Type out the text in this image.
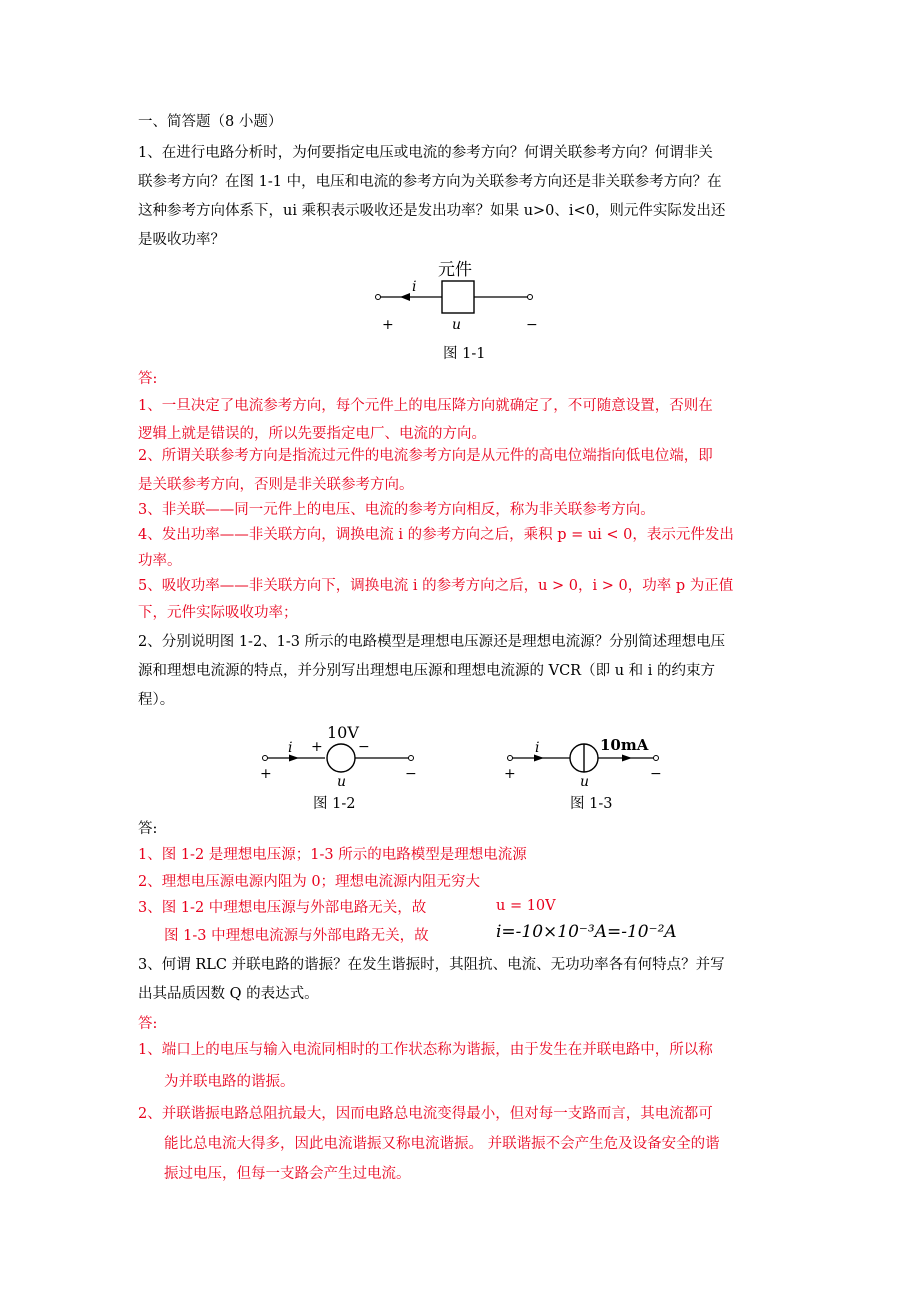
一、简答题（8 小题）
1、在进行电路分析时，为何要指定电压或电流的参考方向？何谓关联参考方向？何谓非关
联参考方向？在图 1-1 中，电压和电流的参考方向为关联参考方向还是非关联参考方向？在
这种参考方向体系下，ui 乘积表示吸收还是发出功率？如果 u>0、i<0，则元件实际发出还
是吸收功率？
元件
i
+	u	−
图 1-1
答:
1、一旦决定了电流参考方向，每个元件上的电压降方向就确定了，不可随意设置，否则在
逻辑上就是错误的，所以先要指定电厂、电流的方向。
2、所谓关联参考方向是指流过元件的电流参考方向是从元件的高电位端指向低电位端，即
是关联参考方向，否则是非关联参考方向。
3、非关联——同一元件上的电压、电流的参考方向相反，称为非关联参考方向。
4、发出功率——非关联方向，调换电流 i 的参考方向之后，乘积 p = ui < 0，表示元件发出
功率。
5、吸收功率——非关联方向下，调换电流 i 的参考方向之后，u > 0，i > 0，功率 p 为正值
下，元件实际吸收功率；
2、分别说明图 1-2、1-3 所示的电路模型是理想电压源还是理想电流源？分别简述理想电压
源和理想电流源的特点，并分别写出理想电压源和理想电流源的 VCR（即 u 和 i 的约束方
程）。
10V
i +	−
+	u	−
图 1-2
i	10mA
+	u	−
图 1-3
答:
1、图 1-2 是理想电压源；1-3 所示的电路模型是理想电流源
2、理想电压源电源内阻为 0；理想电流源内阻无穷大
3、图 1-2 中理想电压源与外部电路无关，故	u = 10V
图 1-3 中理想电流源与外部电路无关，故	i=-10×10⁻³A=-10⁻²A
3、何谓 RLC 并联电路的谐振？在发生谐振时，其阻抗、电流、无功功率各有何特点？并写
出其品质因数 Q 的表达式。
答:
1、端口上的电压与输入电流同相时的工作状态称为谐振，由于发生在并联电路中，所以称
为并联电路的谐振。
2、并联谐振电路总阻抗最大，因而电路总电流变得最小，但对每一支路而言，其电流都可
能比总电流大得多，因此电流谐振又称电流谐振。 并联谐振不会产生危及设备安全的谐
振过电压，但每一支路会产生过电流。
